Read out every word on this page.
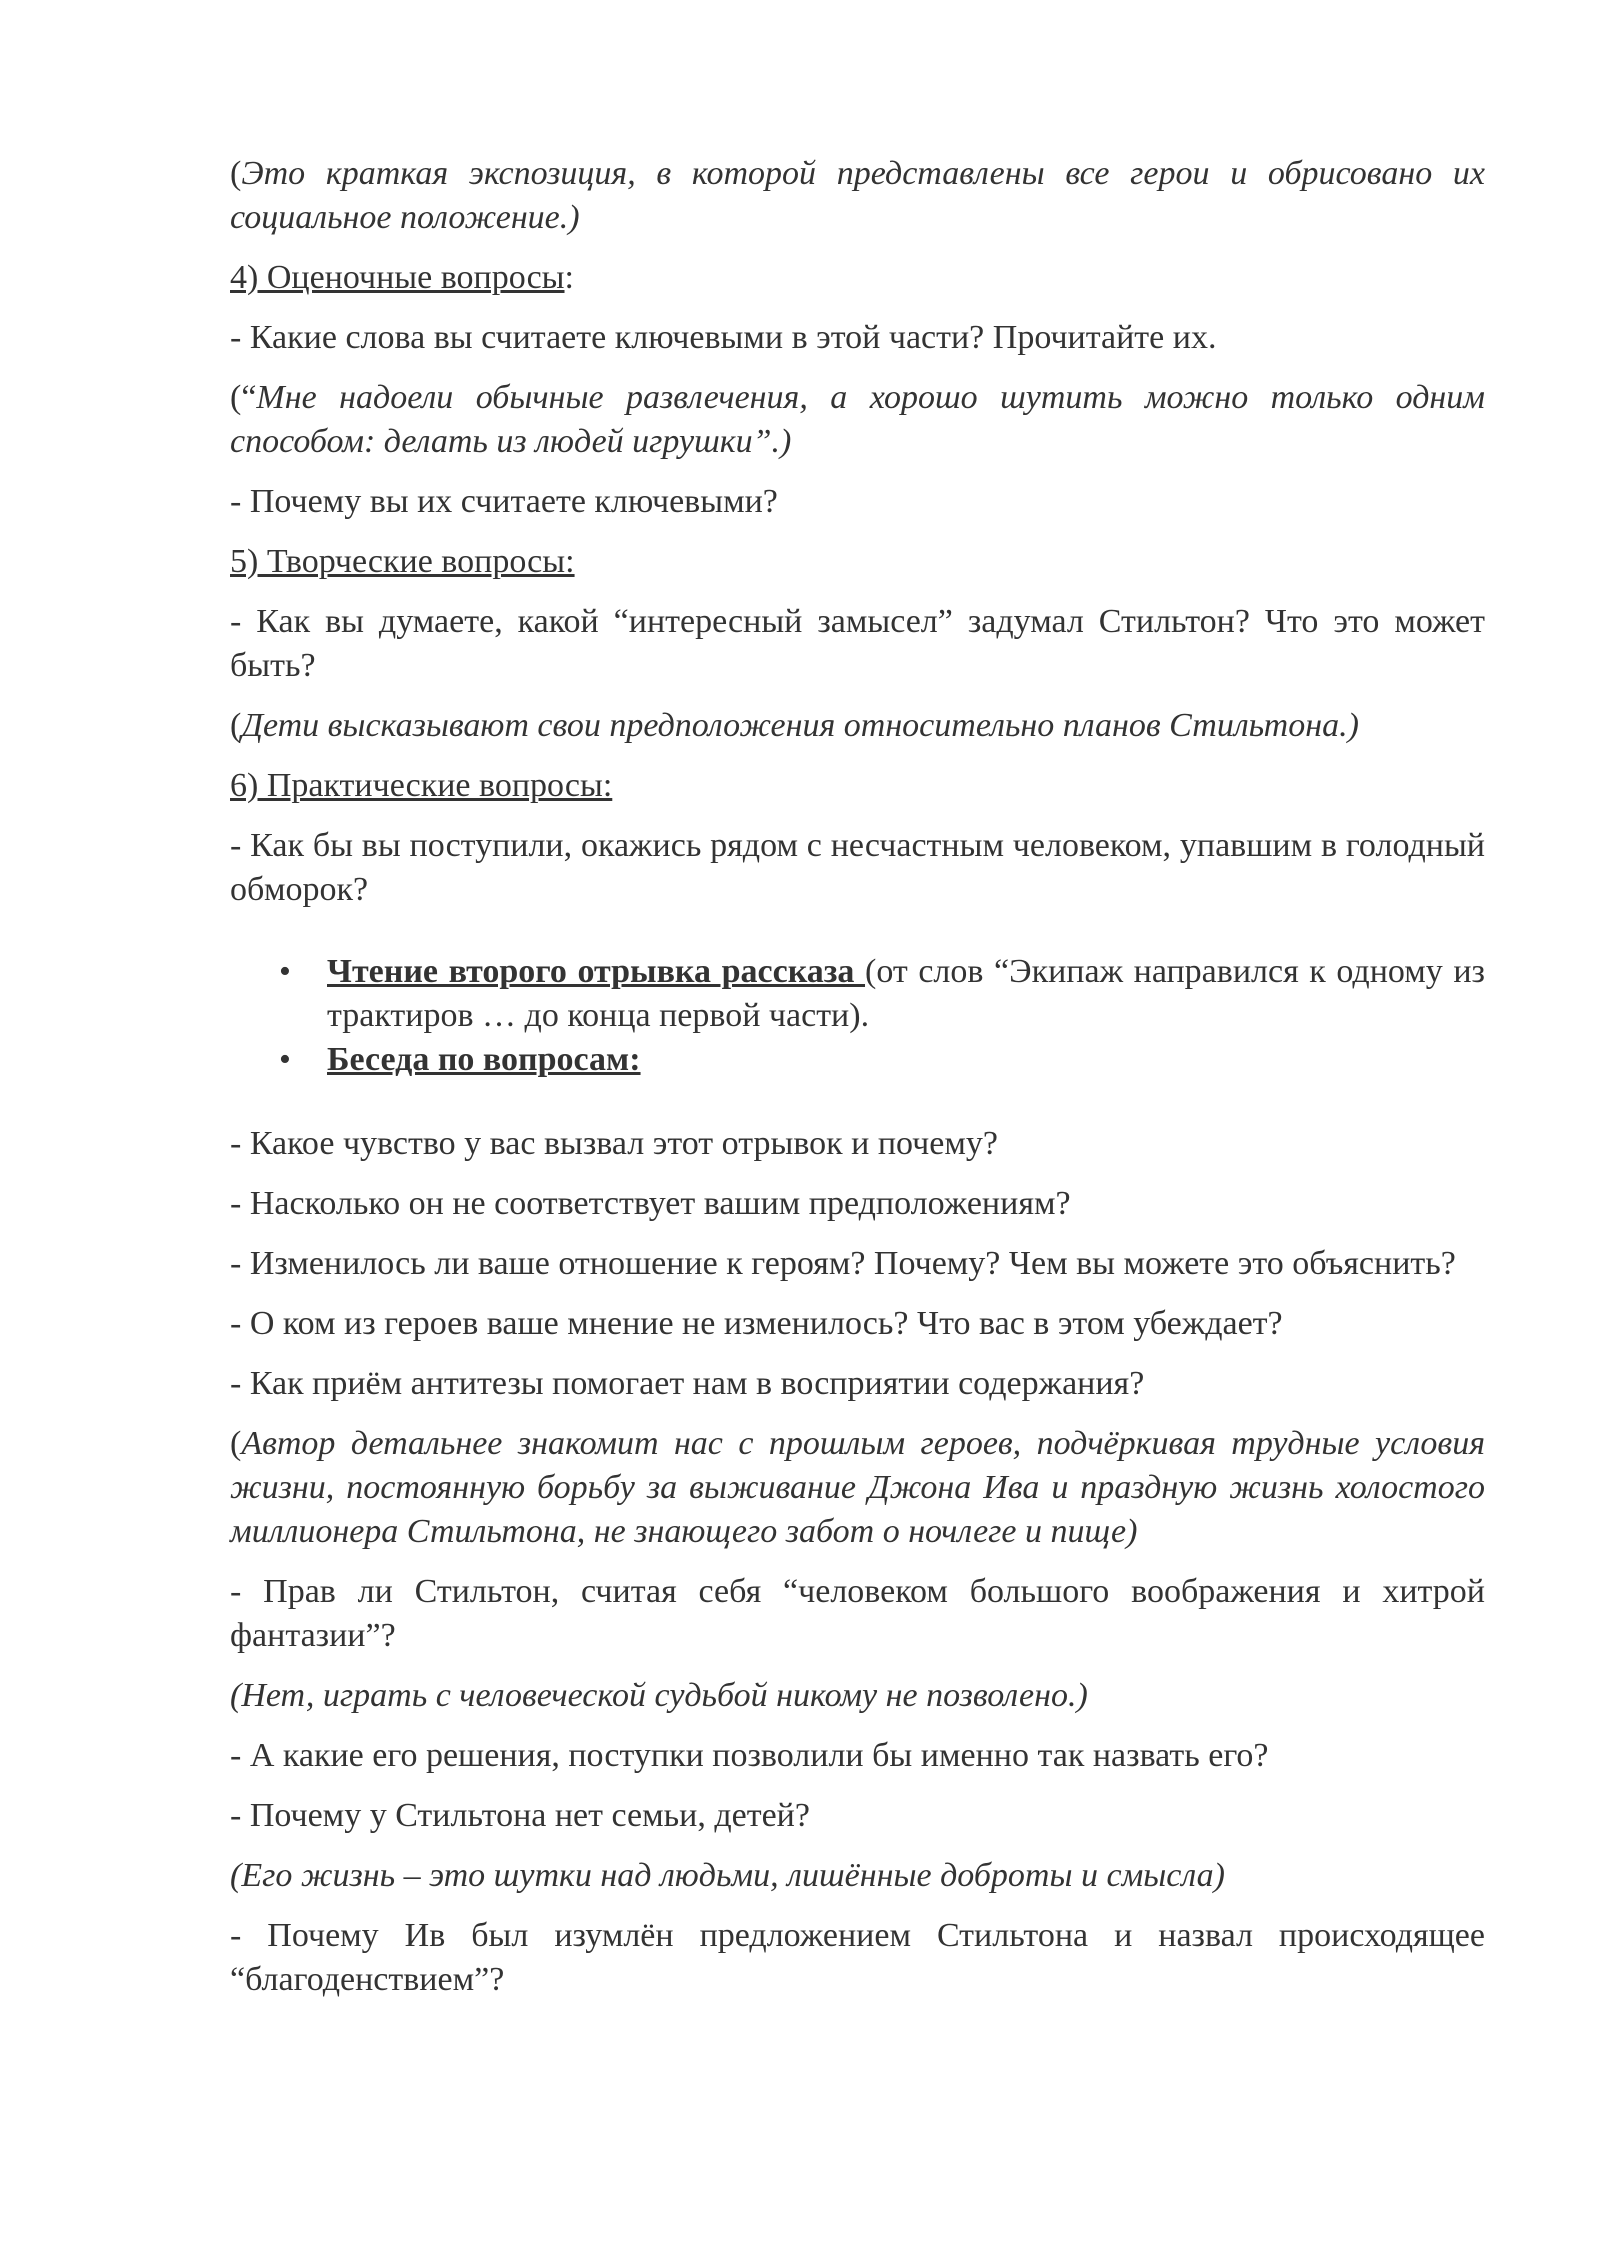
(Это краткая экспозиция, в которой представлены все герои и обрисовано их социальное положение.)

4) Оценочные вопросы:

- Какие слова вы считаете ключевыми в этой части? Прочитайте их.

(“Мне надоели обычные развлечения, а хорошо шутить можно только одним способом: делать из людей игрушки”.)

- Почему вы их считаете ключевыми?

5) Творческие вопросы:

- Как вы думаете, какой “интересный замысел” задумал Стильтон? Что это может быть?

(Дети высказывают свои предположения относительно планов Стильтона.)

6) Практические вопросы:

- Как бы вы поступили, окажись рядом с несчастным человеком, упавшим в голодный обморок?

• Чтение второго отрывка рассказа (от слов “Экипаж направился к одному из трактиров … до конца первой части).
• Беседа по вопросам:

- Какое чувство у вас вызвал этот отрывок и почему?

- Насколько он не соответствует вашим предположениям?

- Изменилось ли ваше отношение к героям? Почему? Чем вы можете это объяснить?

- О ком из героев ваше мнение не изменилось? Что вас в этом убеждает?

- Как приём антитезы помогает нам в восприятии содержания?

(Автор детальнее знакомит нас с прошлым героев, подчёркивая трудные условия жизни, постоянную борьбу за выживание Джона Ива и праздную жизнь холостого миллионера Стильтона, не знающего забот о ночлеге и пище)

- Прав ли Стильтон, считая себя “человеком большого воображения и хитрой фантазии”?

(Нет, играть с человеческой судьбой никому не позволено.)

- А какие его решения, поступки позволили бы именно так назвать его?

- Почему у Стильтона нет семьи, детей?

(Его жизнь – это шутки над людьми, лишённые доброты и смысла)

- Почему Ив был изумлён предложением Стильтона и назвал происходящее “благоденствием”?
